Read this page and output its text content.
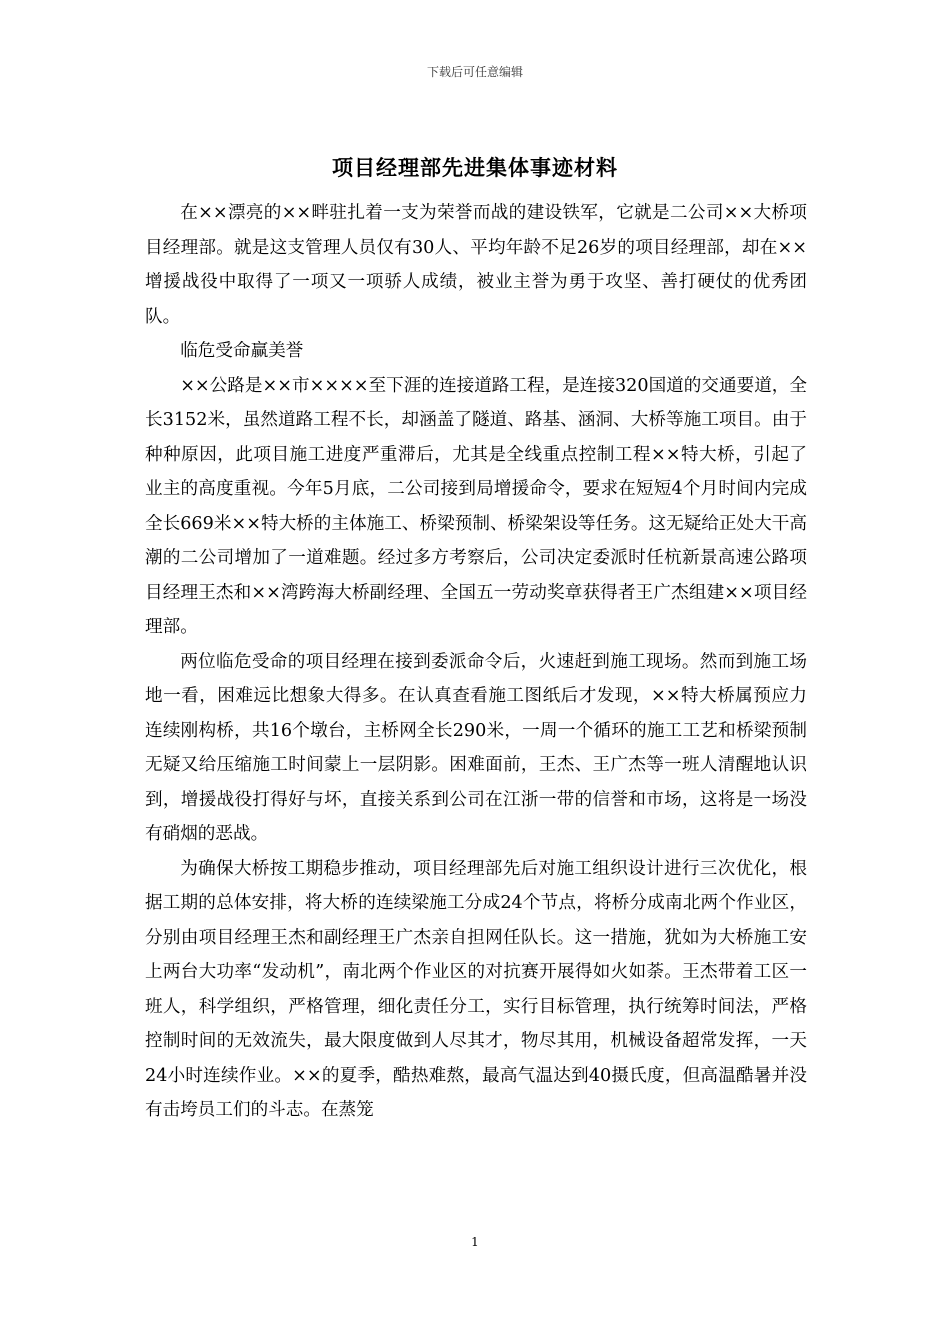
下载后可任意编辑
项目经理部先进集体事迹材料

在××漂亮的××畔驻扎着一支为荣誉而战的建设铁军，它就是二公司××大桥项目经理部。就是这支管理人员仅有30人、平均年龄不足26岁的项目经理部，却在××增援战役中取得了一项又一项骄人成绩，被业主誉为勇于攻坚、善打硬仗的优秀团队。

临危受命赢美誉

××公路是××市××××至下涯的连接道路工程，是连接320国道的交通要道，全长3152米，虽然道路工程不长，却涵盖了隧道、路基、涵洞、大桥等施工项目。由于种种原因，此项目施工进度严重滞后，尤其是全线重点控制工程××特大桥，引起了业主的高度重视。今年5月底，二公司接到局增援命令，要求在短短4个月时间内完成全长669米××特大桥的主体施工、桥梁预制、桥梁架设等任务。这无疑给正处大干高潮的二公司增加了一道难题。经过多方考察后，公司决定委派时任杭新景高速公路项目经理王杰和××湾跨海大桥副经理、全国五一劳动奖章获得者王广杰组建××项目经理部。

两位临危受命的项目经理在接到委派命令后，火速赶到施工现场。然而到施工场地一看，困难远比想象大得多。在认真查看施工图纸后才发现，××特大桥属预应力连续刚构桥，共16个墩台，主桥网全长290米，一周一个循环的施工工艺和桥梁预制无疑又给压缩施工时间蒙上一层阴影。困难面前，王杰、王广杰等一班人清醒地认识到，增援战役打得好与坏，直接关系到公司在江浙一带的信誉和市场，这将是一场没有硝烟的恶战。

为确保大桥按工期稳步推动，项目经理部先后对施工组织设计进行三次优化，根据工期的总体安排，将大桥的连续梁施工分成24个节点，将桥分成南北两个作业区，分别由项目经理王杰和副经理王广杰亲自担网任队长。这一措施，犹如为大桥施工安上两台大功率“发动机”，南北两个作业区的对抗赛开展得如火如荼。王杰带着工区一班人，科学组织，严格管理，细化责任分工，实行目标管理，执行统筹时间法，严格控制时间的无效流失，最大限度做到人尽其才，物尽其用，机械设备超常发挥，一天24小时连续作业。××的夏季，酷热难熬，最高气温达到40摄氏度，但高温酷暑并没有击垮员工们的斗志。在蒸笼

1
